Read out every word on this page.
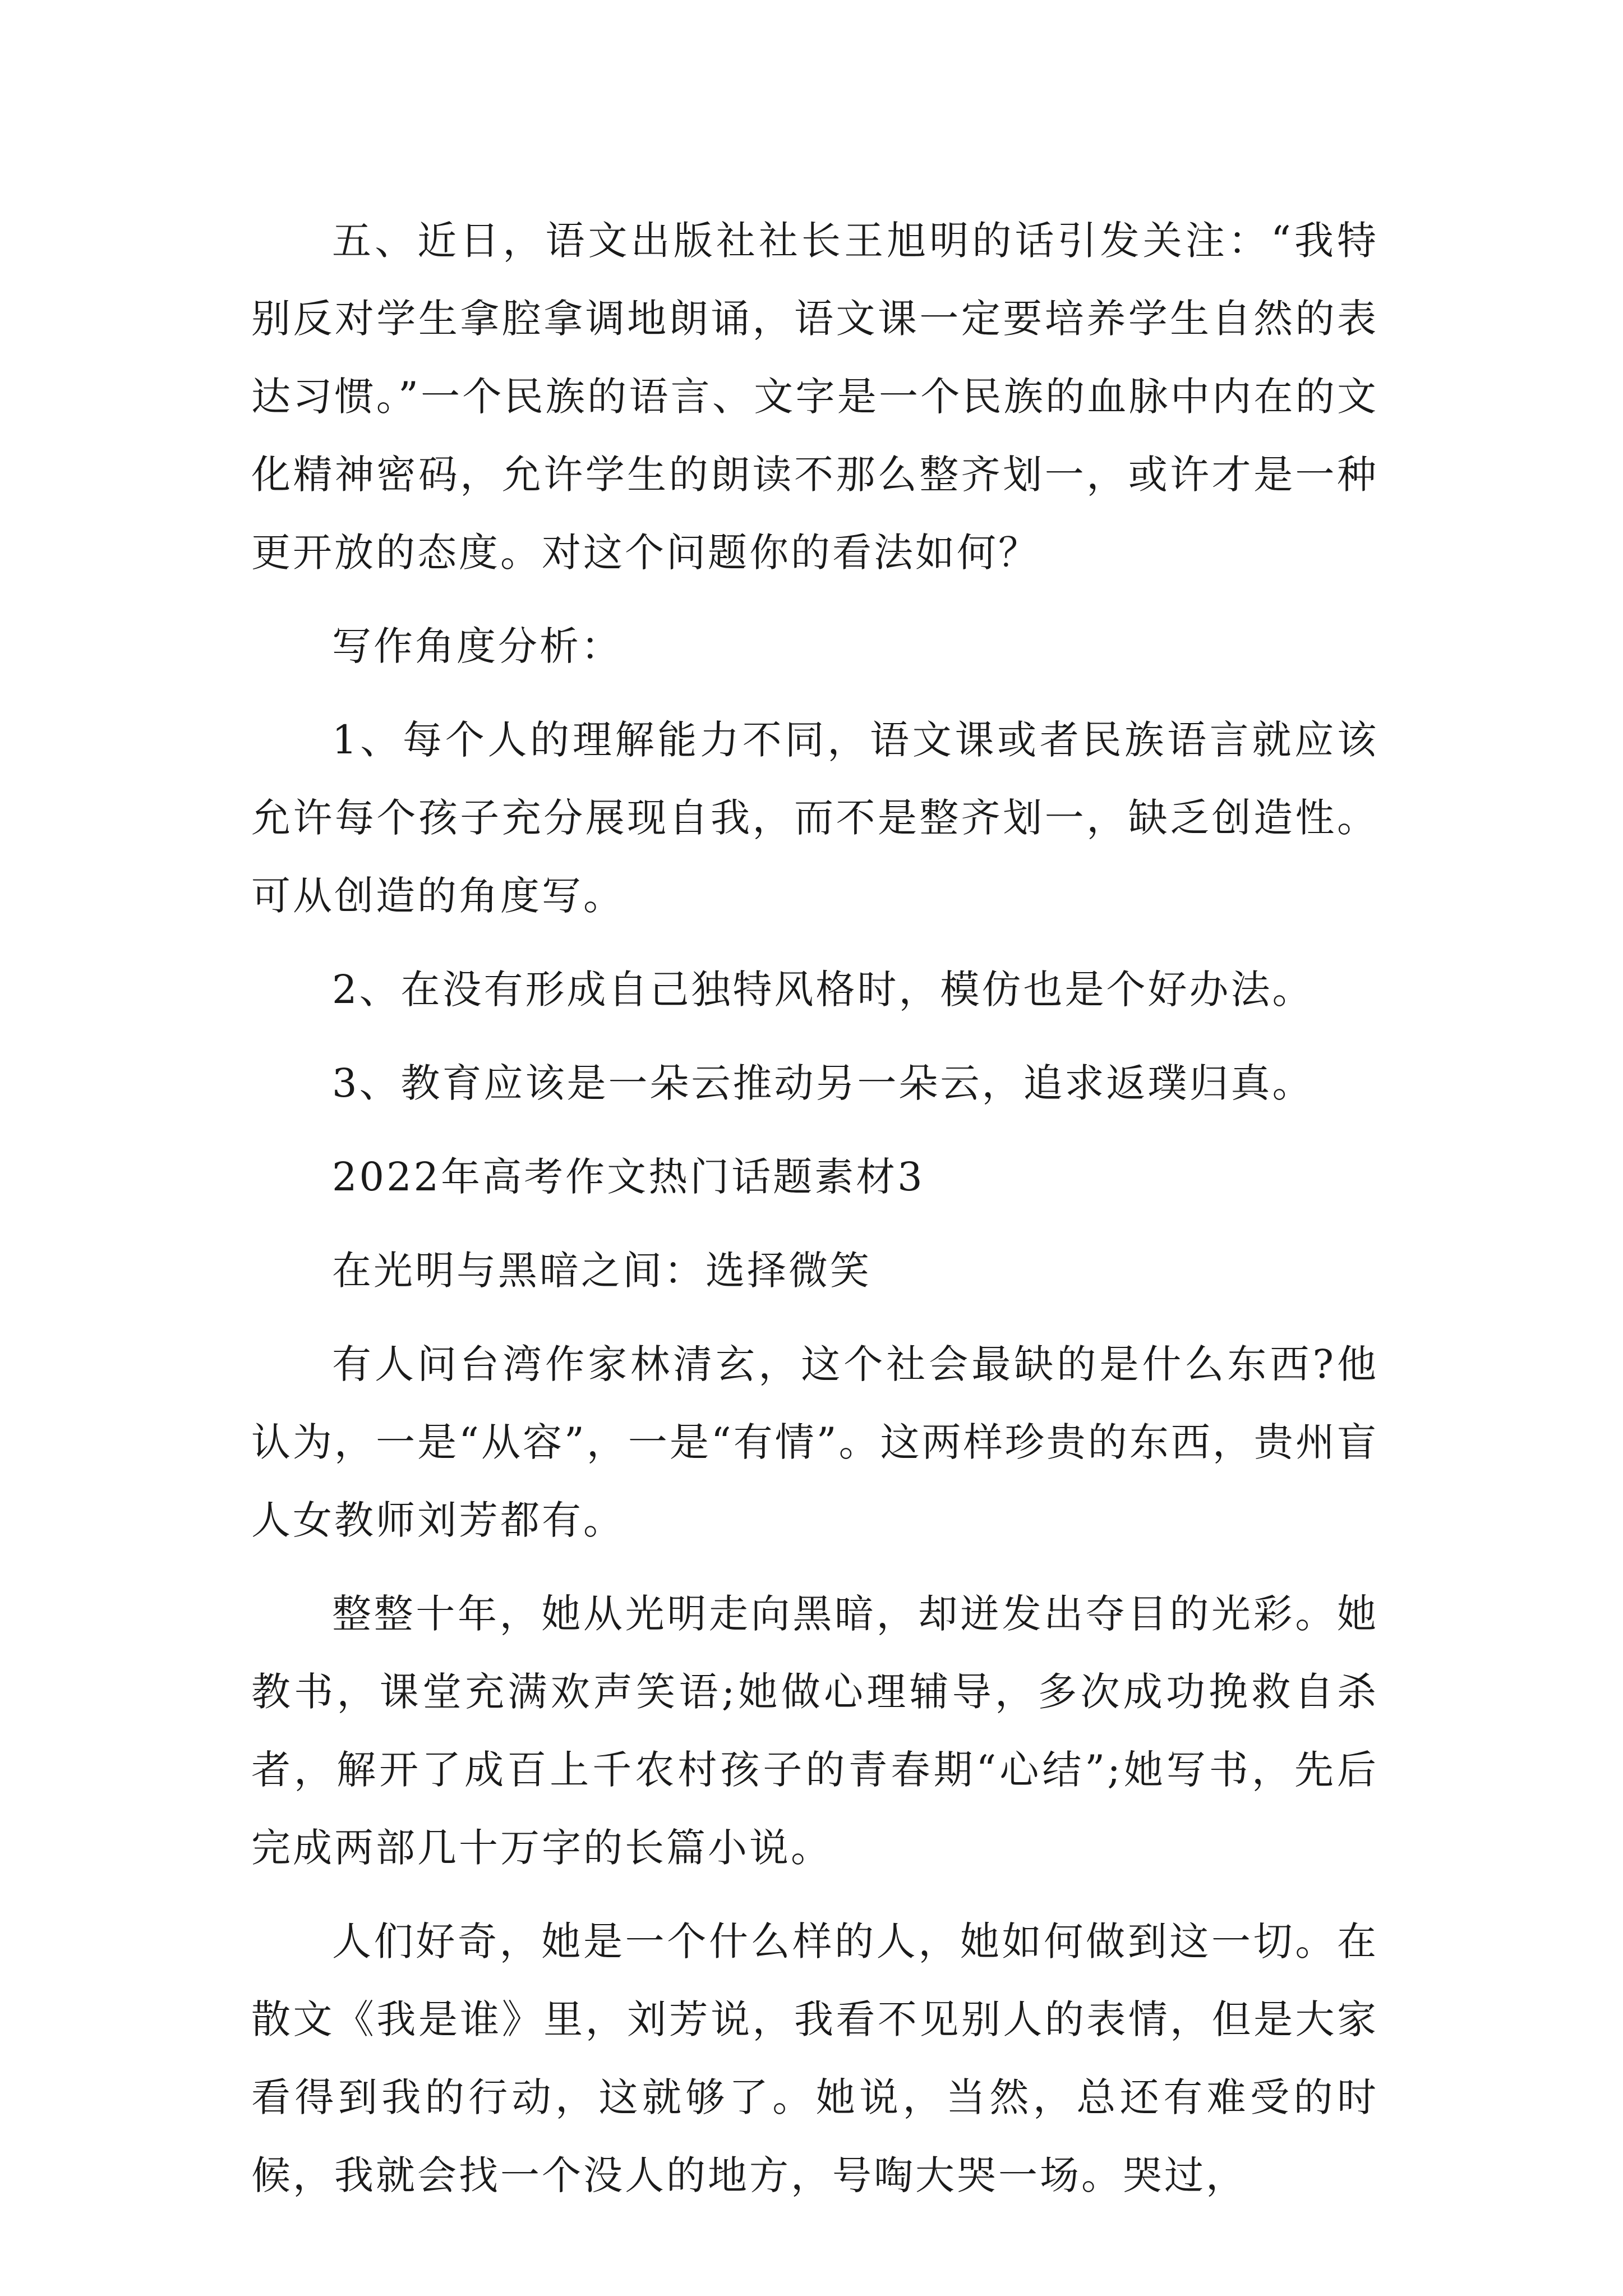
五、近日，语文出版社社长王旭明的话引发关注：“我特别反对学生拿腔拿调地朗诵，语文课一定要培养学生自然的表达习惯。”一个民族的语言、文字是一个民族的血脉中内在的文化精神密码，允许学生的朗读不那么整齐划一，或许才是一种更开放的态度。对这个问题你的看法如何？

写作角度分析：

1、每个人的理解能力不同，语文课或者民族语言就应该允许每个孩子充分展现自我，而不是整齐划一，缺乏创造性。可从创造的角度写。

2、在没有形成自己独特风格时，模仿也是个好办法。

3、教育应该是一朵云推动另一朵云，追求返璞归真。

2022年高考作文热门话题素材3

在光明与黑暗之间：选择微笑

有人问台湾作家林清玄，这个社会最缺的是什么东西?他认为，一是“从容”，一是“有情”。这两样珍贵的东西，贵州盲人女教师刘芳都有。

整整十年，她从光明走向黑暗，却迸发出夺目的光彩。她教书，课堂充满欢声笑语;她做心理辅导，多次成功挽救自杀者，解开了成百上千农村孩子的青春期“心结”;她写书，先后完成两部几十万字的长篇小说。

人们好奇，她是一个什么样的人，她如何做到这一切。在散文《我是谁》里，刘芳说，我看不见别人的表情，但是大家看得到我的行动，这就够了。她说，当然，总还有难受的时候，我就会找一个没人的地方，号啕大哭一场。哭过，
